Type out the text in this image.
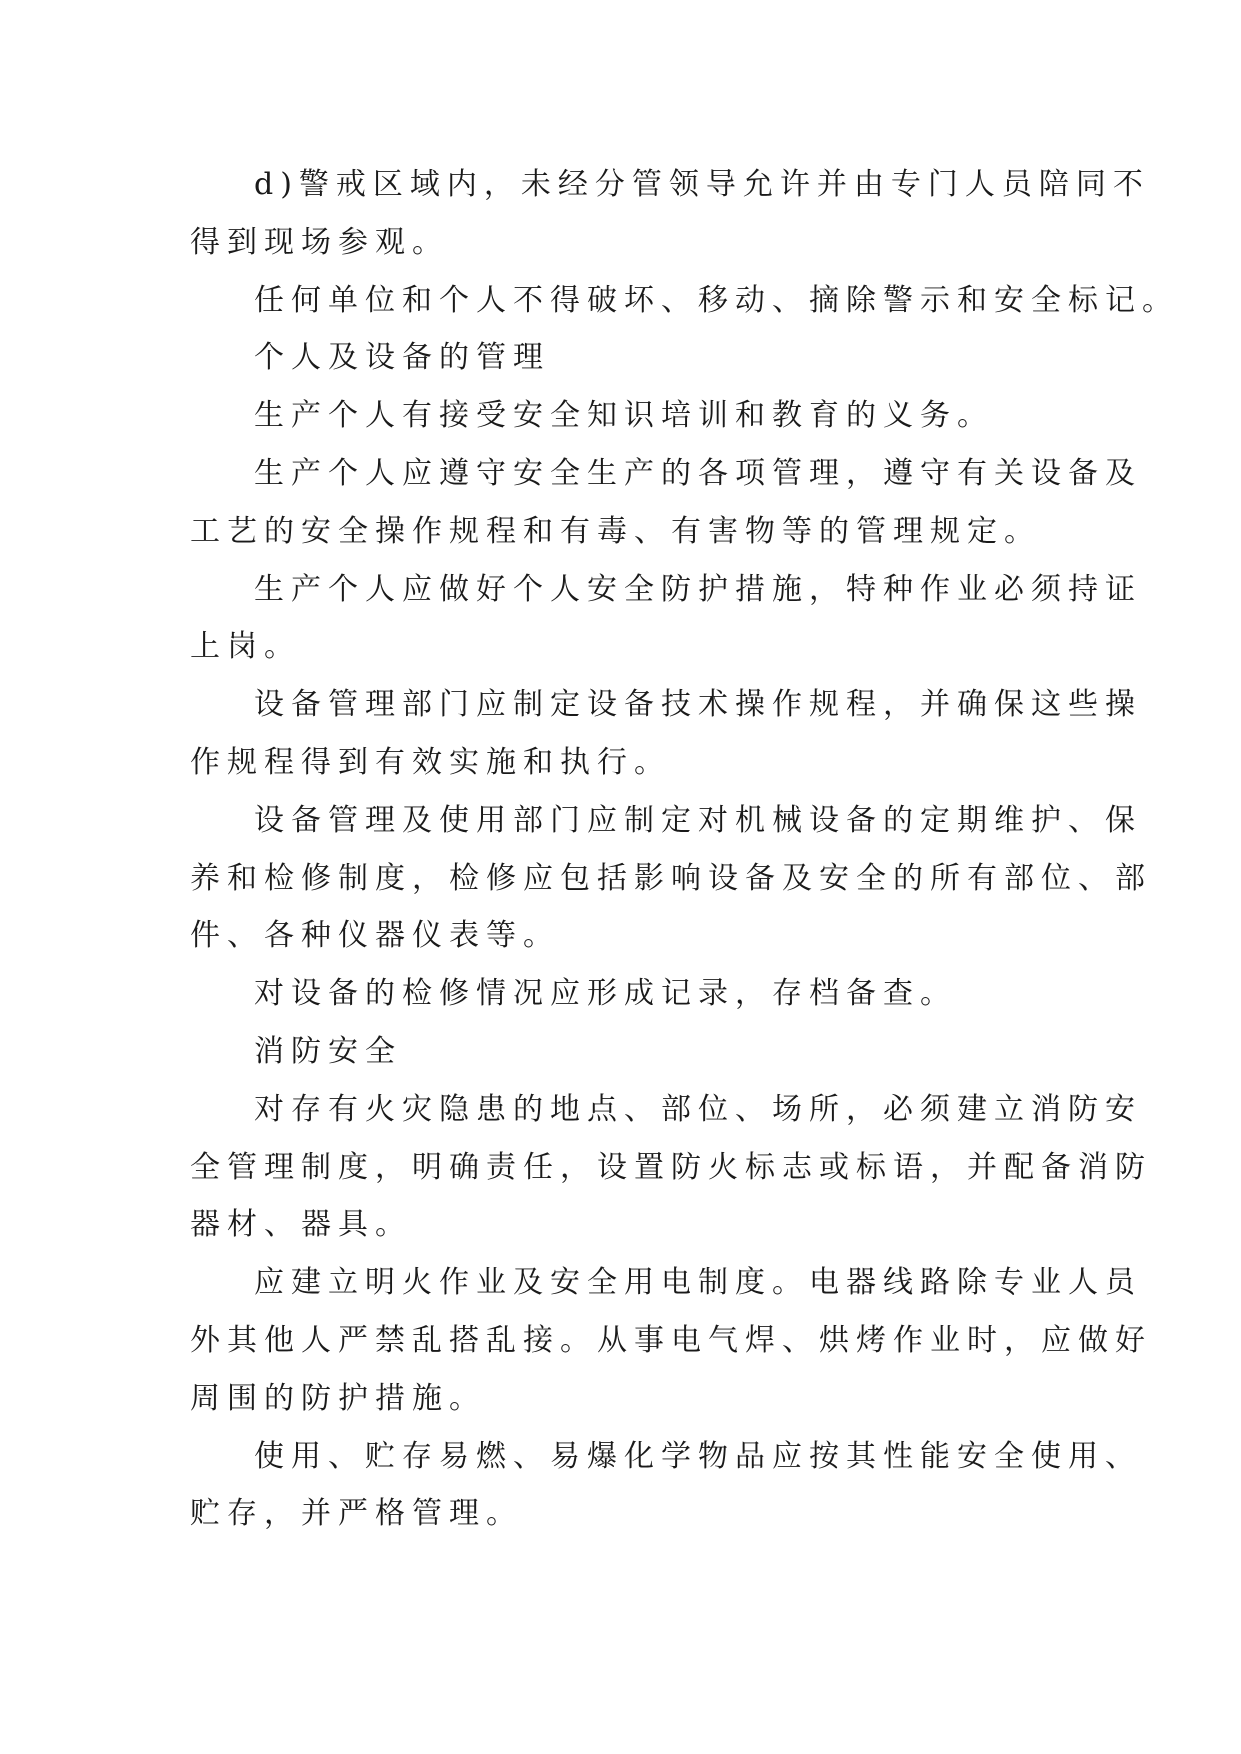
d)警戒区域内，未经分管领导允许并由专门人员陪同不
得到现场参观。
任何单位和个人不得破坏、移动、摘除警示和安全标记。
个人及设备的管理
生产个人有接受安全知识培训和教育的义务。
生产个人应遵守安全生产的各项管理，遵守有关设备及
工艺的安全操作规程和有毒、有害物等的管理规定。
生产个人应做好个人安全防护措施，特种作业必须持证
上岗。
设备管理部门应制定设备技术操作规程，并确保这些操
作规程得到有效实施和执行。
设备管理及使用部门应制定对机械设备的定期维护、保
养和检修制度，检修应包括影响设备及安全的所有部位、部
件、各种仪器仪表等。
对设备的检修情况应形成记录，存档备查。
消防安全
对存有火灾隐患的地点、部位、场所，必须建立消防安
全管理制度，明确责任，设置防火标志或标语，并配备消防
器材、器具。
应建立明火作业及安全用电制度。电器线路除专业人员
外其他人严禁乱搭乱接。从事电气焊、烘烤作业时，应做好
周围的防护措施。
使用、贮存易燃、易爆化学物品应按其性能安全使用、
贮存，并严格管理。
